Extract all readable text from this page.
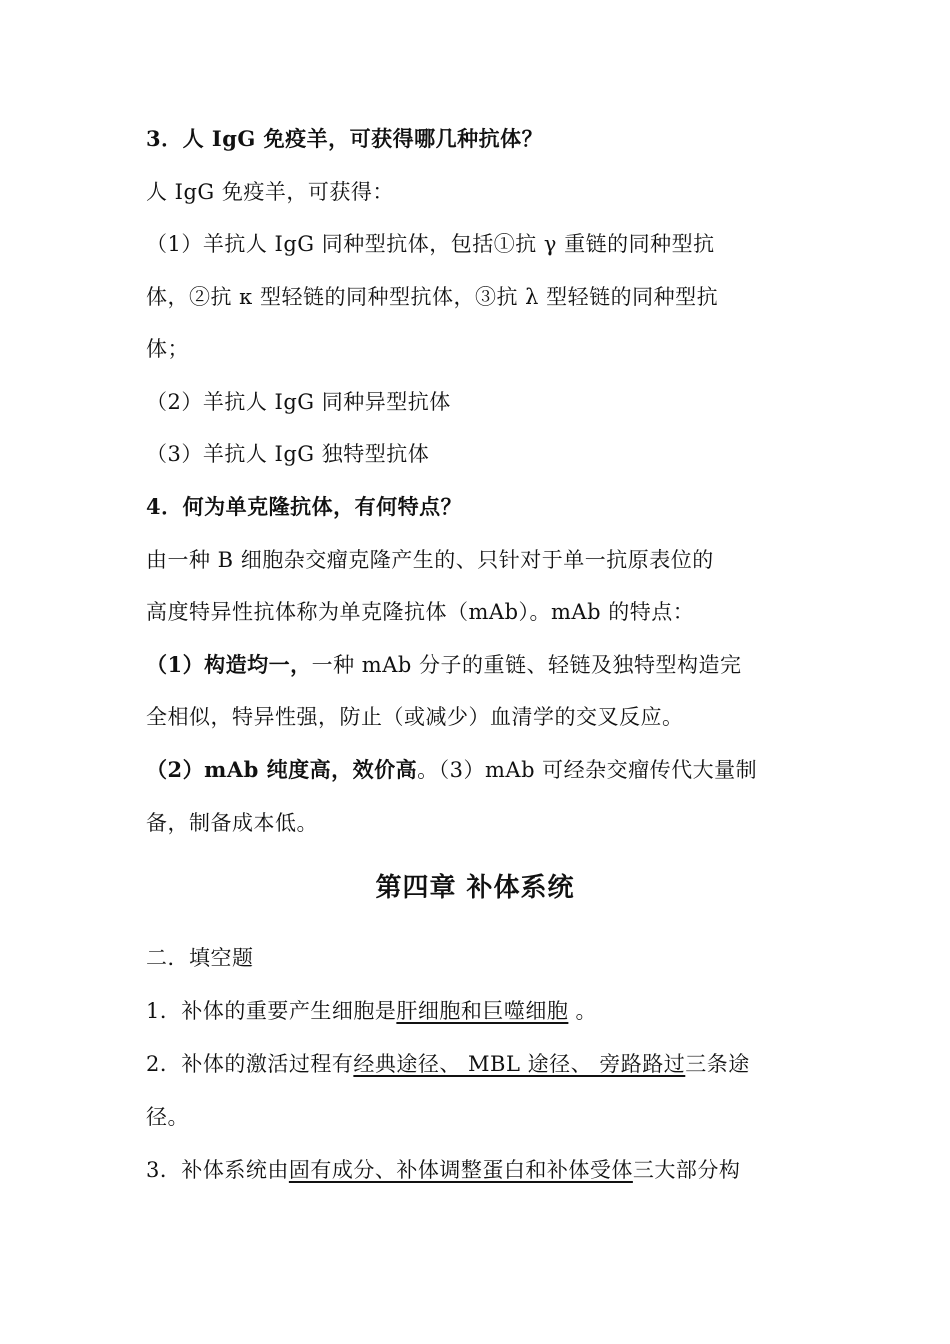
3．人 IgG 免疫羊，可获得哪几种抗体？
人 IgG 免疫羊，可获得：
（1）羊抗人 IgG 同种型抗体，包括①抗 γ 重链的同种型抗
体，②抗 κ 型轻链的同种型抗体，③抗 λ 型轻链的同种型抗
体；
（2）羊抗人 IgG 同种异型抗体
（3）羊抗人 IgG 独特型抗体
4．何为单克隆抗体，有何特点？
由一种 B 细胞杂交瘤克隆产生的、只针对于单一抗原表位的
高度特异性抗体称为单克隆抗体（mAb）。mAb 的特点：
（1）构造均一，一种 mAb 分子的重链、轻链及独特型构造完
全相似，特异性强，防止（或减少）血清学的交叉反应。
（2）mAb 纯度高，效价高。（3）mAb 可经杂交瘤传代大量制
备，制备成本低。
第四章 补体系统
二．填空题
1．补体的重要产生细胞是肝细胞和巨噬细胞 。
2．补体的激活过程有经典途径、 MBL 途径、 旁路路过三条途
径。
3．补体系统由固有成分、补体调整蛋白和补体受体三大部分构
